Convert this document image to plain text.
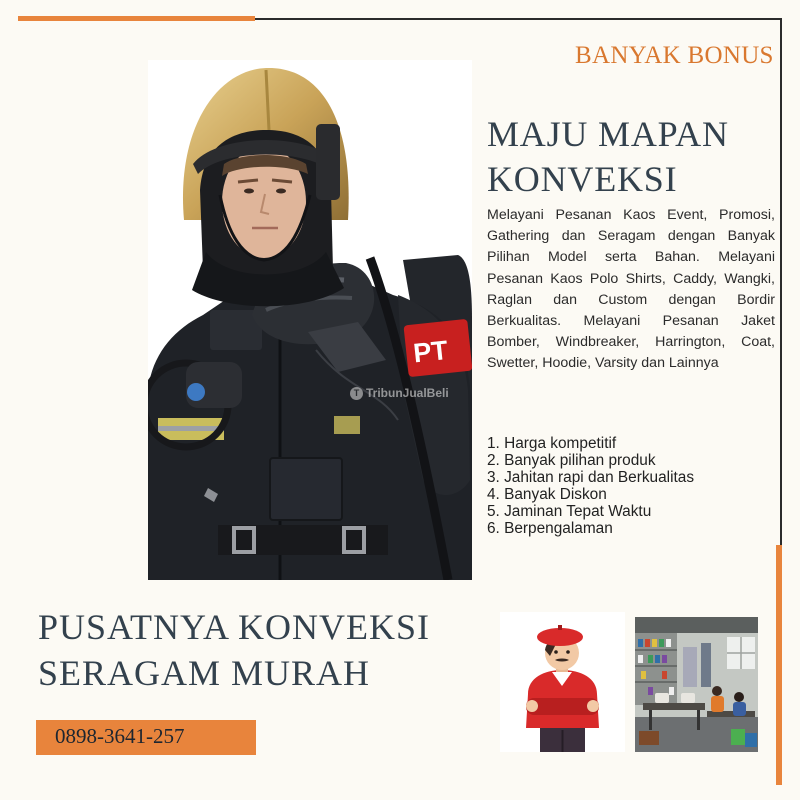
BANYAK BONUS
PT
T TribunJualBeli
MAJU MAPAN
KONVEKSI

Melayani Pesanan Kaos Event, Promosi, Gathering dan Seragam dengan Banyak Pilihan Model serta Bahan. Melayani Pesanan Kaos Polo Shirts, Caddy, Wangki, Raglan dan Custom dengan Bordir Berkualitas. Melayani Pesanan Jaket Bomber, Windbreaker, Harrington, Coat, Swetter, Hoodie, Varsity dan Lainnya

1. Harga kompetitif
2. Banyak pilihan produk
3. Jahitan rapi dan Berkualitas
4. Banyak Diskon
5. Jaminan Tepat Waktu
6. Berpengalaman
PUSATNYA KONVEKSI
SERAGAM MURAH
0898-3641-257
